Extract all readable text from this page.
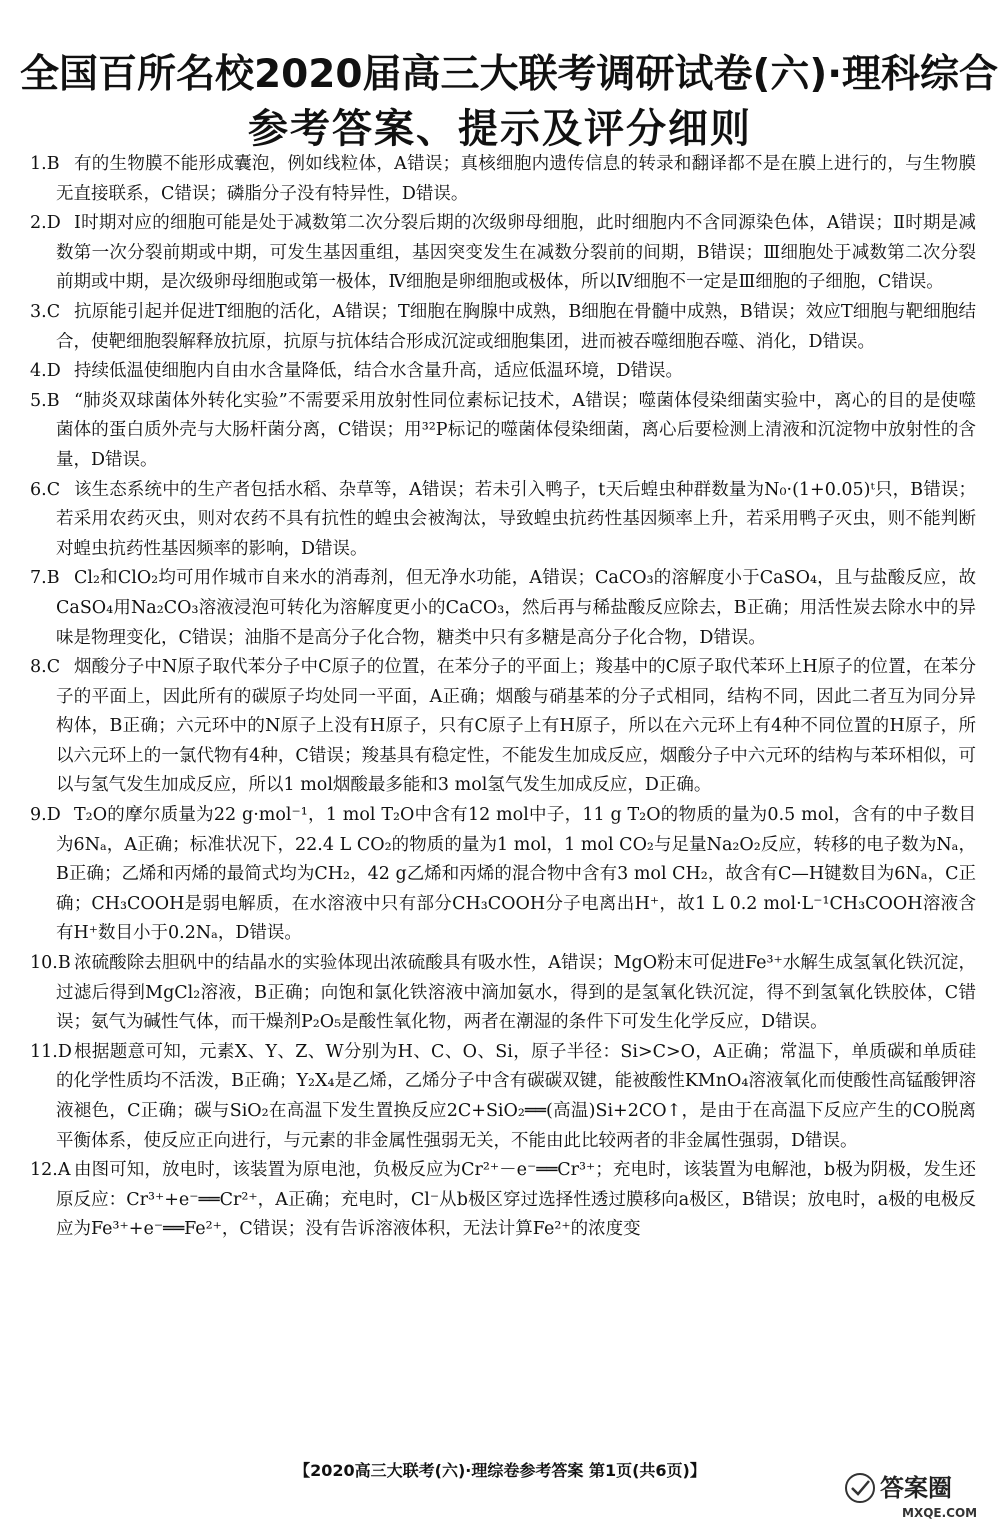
全国百所名校2020届高三大联考调研试卷(六)·理科综合
参考答案、提示及评分细则
1.B 有的生物膜不能形成囊泡，例如线粒体，A错误；真核细胞内遗传信息的转录和翻译都不是在膜上进行的，与生物膜无直接联系，C错误；磷脂分子没有特异性，D错误。
2.D Ⅰ时期对应的细胞可能是处于减数第二次分裂后期的次级卵母细胞，此时细胞内不含同源染色体，A错误；Ⅱ时期是减数第一次分裂前期或中期，可发生基因重组，基因突变发生在减数分裂前的间期，B错误；Ⅲ细胞处于减数第二次分裂前期或中期，是次级卵母细胞或第一极体，Ⅳ细胞是卵细胞或极体，所以Ⅳ细胞不一定是Ⅲ细胞的子细胞，C错误。
3.C 抗原能引起并促进T细胞的活化，A错误；T细胞在胸腺中成熟，B细胞在骨髓中成熟，B错误；效应T细胞与靶细胞结合，使靶细胞裂解释放抗原，抗原与抗体结合形成沉淀或细胞集团，进而被吞噬细胞吞噬、消化，D错误。
4.D 持续低温使细胞内自由水含量降低，结合水含量升高，适应低温环境，D错误。
5.B “肺炎双球菌体外转化实验”不需要采用放射性同位素标记技术，A错误；噬菌体侵染细菌实验中，离心的目的是使噬菌体的蛋白质外壳与大肠杆菌分离，C错误；用³²P标记的噬菌体侵染细菌，离心后要检测上清液和沉淀物中放射性的含量，D错误。
6.C 该生态系统中的生产者包括水稻、杂草等，A错误；若未引入鸭子，t天后蝗虫种群数量为N₀·(1+0.05)ᵗ只，B错误；若采用农药灭虫，则对农药不具有抗性的蝗虫会被淘汰，导致蝗虫抗药性基因频率上升，若采用鸭子灭虫，则不能判断对蝗虫抗药性基因频率的影响，D错误。
7.B Cl₂和ClO₂均可用作城市自来水的消毒剂，但无净水功能，A错误；CaCO₃的溶解度小于CaSO₄，且与盐酸反应，故CaSO₄用Na₂CO₃溶液浸泡可转化为溶解度更小的CaCO₃，然后再与稀盐酸反应除去，B正确；用活性炭去除水中的异味是物理变化，C错误；油脂不是高分子化合物，糖类中只有多糖是高分子化合物，D错误。
8.C 烟酸分子中N原子取代苯分子中C原子的位置，在苯分子的平面上；羧基中的C原子取代苯环上H原子的位置，在苯分子的平面上，因此所有的碳原子均处同一平面，A正确；烟酸与硝基苯的分子式相同，结构不同，因此二者互为同分异构体，B正确；六元环中的N原子上没有H原子，只有C原子上有H原子，所以在六元环上有4种不同位置的H原子，所以六元环上的一氯代物有4种，C错误；羧基具有稳定性，不能发生加成反应，烟酸分子中六元环的结构与苯环相似，可以与氢气发生加成反应，所以1 mol烟酸最多能和3 mol氢气发生加成反应，D正确。
9.D T₂O的摩尔质量为22 g·mol⁻¹，1 mol T₂O中含有12 mol中子，11 g T₂O的物质的量为0.5 mol，含有的中子数目为6Nₐ，A正确；标准状况下，22.4 L CO₂的物质的量为1 mol，1 mol CO₂与足量Na₂O₂反应，转移的电子数为Nₐ，B正确；乙烯和丙烯的最简式均为CH₂，42 g乙烯和丙烯的混合物中含有3 mol CH₂，故含有C—H键数目为6Nₐ，C正确；CH₃COOH是弱电解质，在水溶液中只有部分CH₃COOH分子电离出H⁺，故1 L 0.2 mol·L⁻¹CH₃COOH溶液含有H⁺数目小于0.2Nₐ，D错误。
10.B 浓硫酸除去胆矾中的结晶水的实验体现出浓硫酸具有吸水性，A错误；MgO粉末可促进Fe³⁺水解生成氢氧化铁沉淀，过滤后得到MgCl₂溶液，B正确；向饱和氯化铁溶液中滴加氨水，得到的是氢氧化铁沉淀，得不到氢氧化铁胶体，C错误；氨气为碱性气体，而干燥剂P₂O₅是酸性氧化物，两者在潮湿的条件下可发生化学反应，D错误。
11.D 根据题意可知，元素X、Y、Z、W分别为H、C、O、Si，原子半径：Si>C>O，A正确；常温下，单质碳和单质硅的化学性质均不活泼，B正确；Y₂X₄是乙烯，乙烯分子中含有碳碳双键，能被酸性KMnO₄溶液氧化而使酸性高锰酸钾溶液褪色，C正确；碳与SiO₂在高温下发生置换反应2C+SiO₂══(高温)Si+2CO↑，是由于在高温下反应产生的CO脱离平衡体系，使反应正向进行，与元素的非金属性强弱无关，不能由此比较两者的非金属性强弱，D错误。
12.A 由图可知，放电时，该装置为原电池，负极反应为Cr²⁺－e⁻══Cr³⁺；充电时，该装置为电解池，b极为阴极，发生还原反应：Cr³⁺+e⁻══Cr²⁺，A正确；充电时，Cl⁻从b极区穿过选择性透过膜移向a极区，B错误；放电时，a极的电极反应为Fe³⁺+e⁻══Fe²⁺，C错误；没有告诉溶液体积，无法计算Fe²⁺的浓度变
【2020高三大联考(六)·理综卷参考答案 第1页(共6页)】
答案圈
MXQE.COM
